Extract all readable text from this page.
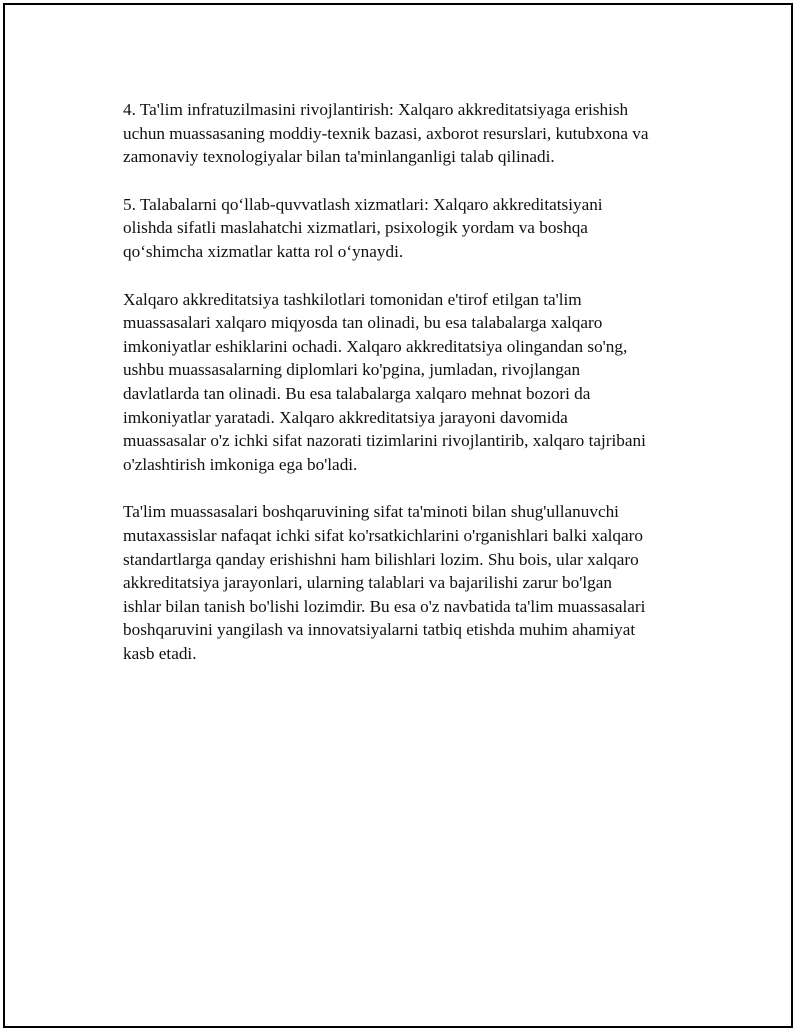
4. Ta'lim infratuzilmasini rivojlantirish: Xalqaro akkreditatsiyaga erishish
uchun muassasaning moddiy-texnik bazasi, axborot resurslari, kutubxona va
zamonaviy texnologiyalar bilan ta'minlanganligi talab qilinadi.

5. Talabalarni qo‘llab-quvvatlash xizmatlari: Xalqaro akkreditatsiyani
olishda sifatli maslahatchi xizmatlari, psixologik yordam va boshqa
qo‘shimcha xizmatlar katta rol o‘ynaydi.

Xalqaro akkreditatsiya tashkilotlari tomonidan e'tirof etilgan ta'lim
muassasalari xalqaro miqyosda tan olinadi, bu esa talabalarga xalqaro
imkoniyatlar eshiklarini ochadi. Xalqaro akkreditatsiya olingandan so'ng,
ushbu muassasalarning diplomlari ko'pgina, jumladan, rivojlangan
davlatlarda tan olinadi. Bu esa talabalarga xalqaro mehnat bozori da
imkoniyatlar yaratadi. Xalqaro akkreditatsiya jarayoni davomida
muassasalar o'z ichki sifat nazorati tizimlarini rivojlantirib, xalqaro tajribani
o'zlashtirish imkoniga ega bo'ladi.

Ta'lim muassasalari boshqaruvining sifat ta'minoti bilan shug'ullanuvchi
mutaxassislar nafaqat ichki sifat ko'rsatkichlarini o'rganishlari balki xalqaro
standartlarga qanday erishishni ham bilishlari lozim. Shu bois, ular xalqaro
akkreditatsiya jarayonlari, ularning talablari va bajarilishi zarur bo'lgan
ishlar bilan tanish bo'lishi lozimdir. Bu esa o'z navbatida ta'lim muassasalari
boshqaruvini yangilash va innovatsiyalarni tatbiq etishda muhim ahamiyat
kasb etadi.
